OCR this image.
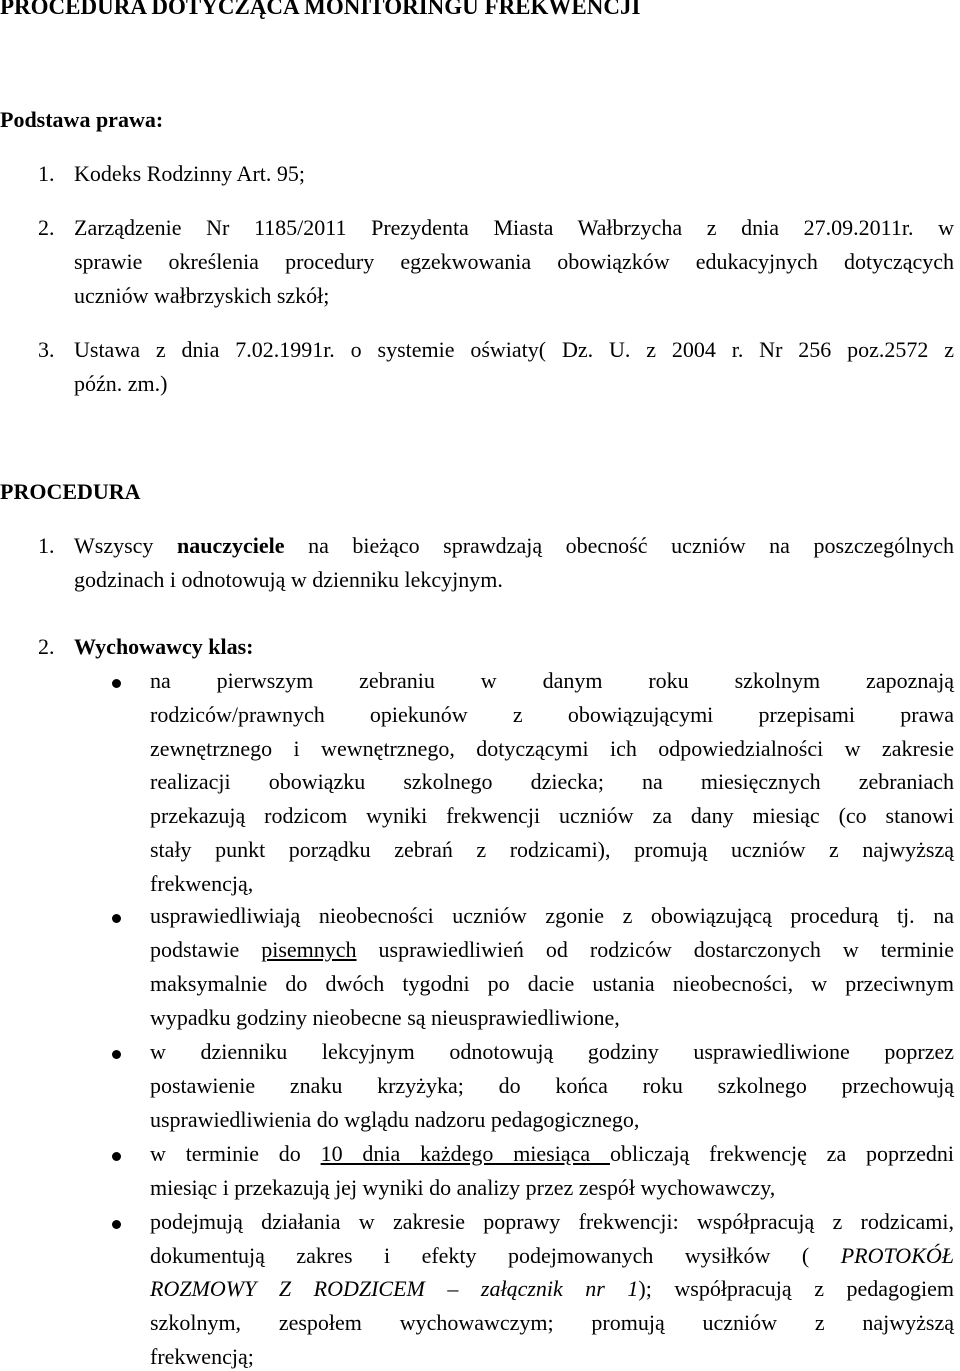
PROCEDURA DOTYCZĄCA MONITORINGU FREKWENCJI
Podstawa prawa:
1. Kodeks Rodzinny Art. 95;
2. Zarządzenie Nr 1185/2011 Prezydenta Miasta Wałbrzycha z dnia 27.09.2011r. w
sprawie określenia procedury egzekwowania obowiązków edukacyjnych dotyczących
uczniów wałbrzyskich szkół;
3. Ustawa z dnia 7.02.1991r. o systemie oświaty( Dz. U. z 2004 r. Nr 256 poz.2572 z
późn. zm.)
PROCEDURA
1. Wszyscy nauczyciele na bieżąco sprawdzają obecność uczniów na poszczególnych
godzinach i odnotowują w dzienniku lekcyjnym.
2. Wychowawcy klas:
na pierwszym zebraniu w danym roku szkolnym zapoznają
rodziców/prawnych opiekunów z obowiązującymi przepisami prawa
zewnętrznego i wewnętrznego, dotyczącymi ich odpowiedzialności w zakresie
realizacji obowiązku szkolnego dziecka; na miesięcznych zebraniach
przekazują rodzicom wyniki frekwencji uczniów za dany miesiąc (co stanowi
stały punkt porządku zebrań z rodzicami), promują uczniów z najwyższą
frekwencją,
usprawiedliwiają nieobecności uczniów zgonie z obowiązującą procedurą tj. na
podstawie pisemnych usprawiedliwień od rodziców dostarczonych w terminie
maksymalnie do dwóch tygodni po dacie ustania nieobecności, w przeciwnym
wypadku godziny nieobecne są nieusprawiedliwione,
w dzienniku lekcyjnym odnotowują godziny usprawiedliwione poprzez
postawienie znaku krzyżyka; do końca roku szkolnego przechowują
usprawiedliwienia do wglądu nadzoru pedagogicznego,
w terminie do 10 dnia każdego miesiąca obliczają frekwencję za poprzedni
miesiąc i przekazują jej wyniki do analizy przez zespół wychowawczy,
podejmują działania w zakresie poprawy frekwencji: współpracują z rodzicami,
dokumentują zakres i efekty podejmowanych wysiłków ( PROTOKÓŁ
ROZMOWY Z RODZICEM – załącznik nr 1); współpracują z pedagogiem
szkolnym, zespołem wychowawczym; promują uczniów z najwyższą
frekwencją;
